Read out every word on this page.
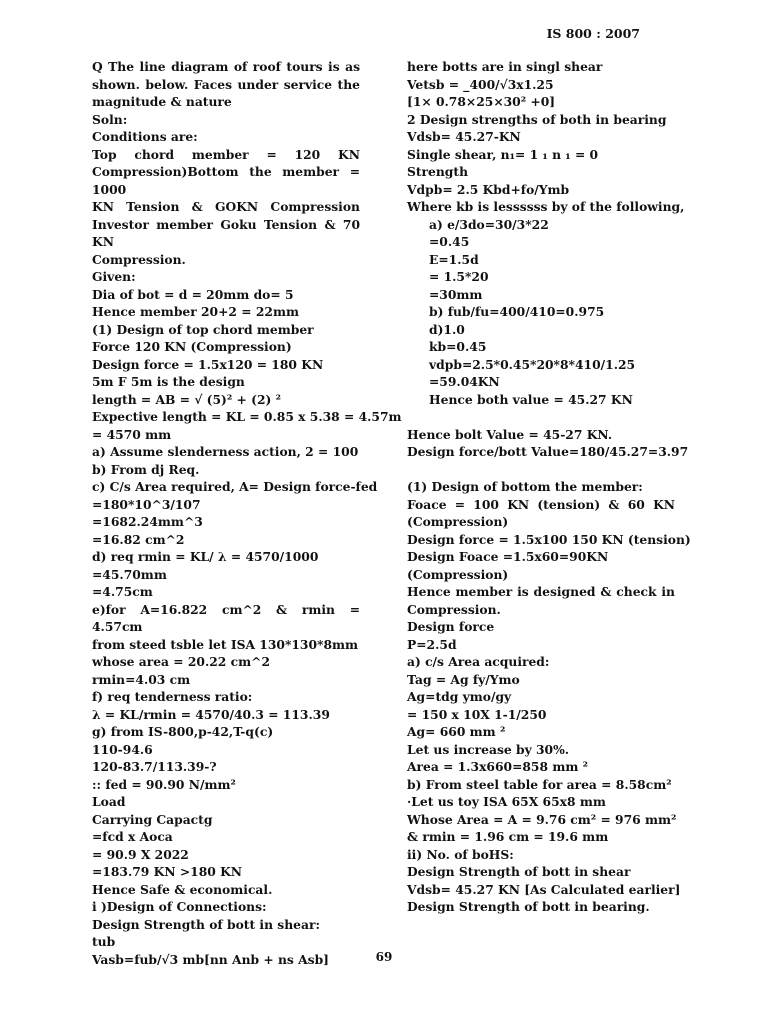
IS 800 : 2007
Q The line diagram of roof tours is as
shown. below. Faces under service the
magnitude & nature
Soln:
Conditions are:
Top chord member = 120 KN
Compression)Bottom the member = 1000
KN Tension & GOKN Compression
Investor member Goku Tension & 70 KN
Compression.
Given:
Dia of bot = d = 20mm do= 5
Hence member 20+2 = 22mm
(1) Design of top chord member
Force 120 KN (Compression)
Design force = 1.5x120 = 180 KN
5m F 5m is the design
length = AB = √ (5)² + (2) ²
Expective length = KL = 0.85 x 5.38 = 4.57m
= 4570 mm
a) Assume slenderness action, 2 = 100
b) From dj Req.
c) C/s Area required, A= Design force-fed
=180*10^3/107
=1682.24mm^3
=16.82 cm^2
d) req rmin = KL/ λ = 4570/1000
=45.70mm
=4.75cm
e)for A=16.822 cm^2 & rmin = 4.57cm
from steed tsble let ISA 130*130*8mm
whose area = 20.22 cm^2
rmin=4.03 cm
f) req tenderness ratio:
λ = KL/rmin = 4570/40.3 = 113.39
g) from IS-800,p-42,T-q(c)
110-94.6
120-83.7/113.39-?
:: fed = 90.90 N/mm²
Load
Carrying Capactg
=fcd x Aoca
= 90.9 X 2022
=183.79 KN >180 KN
Hence Safe & economical.
i )Design of Connections:
Design Strength of bott in shear:
tub
Vasb=fub/√3 mb[nn Anb + ns Asb]
here botts are in singl shear
Vetsb = _400/√3x1.25
[1× 0.78×25×30² +0]
2 Design strengths of both in bearing
Vdsb= 45.27-KN
Single shear, n₁= 1 ₁ n ₁ = 0
Strength
Vdpb= 2.5 Kbd+fo/Ymb
Where kb is lessssss by of the following,
a) e/3do=30/3*22
=0.45
E=1.5d
= 1.5*20
=30mm
b) fub/fu=400/410=0.975
d)1.0
kb=0.45
vdpb=2.5*0.45*20*8*410/1.25
=59.04KN
Hence both value = 45.27 KN
Hence bolt Value = 45-27 KN.
Design force/bott Value=180/45.27=3.97
(1) Design of bottom the member:
Foace = 100 KN (tension) & 60 KN
(Compression)
Design force = 1.5x100 150 KN (tension)
Design Foace =1.5x60=90KN
(Compression)
Hence member is designed & check in
Compression.
Design force
P=2.5d
a) c/s Area acquired:
Tag = Ag fy/Ymo
Ag=tdg ymo/gy
= 150 x 10X 1-1/250
Ag= 660 mm ²
Let us increase by 30%.
Area = 1.3x660=858 mm ²
b) From steel table for area = 8.58cm²
·Let us toy ISA 65X 65x8 mm
Whose Area = A = 9.76 cm² = 976 mm²
& rmin = 1.96 cm = 19.6 mm
ii) No. of boHS:
Design Strength of bott in shear
Vdsb= 45.27 KN [As Calculated earlier]
Design Strength of bott in bearing.
69
